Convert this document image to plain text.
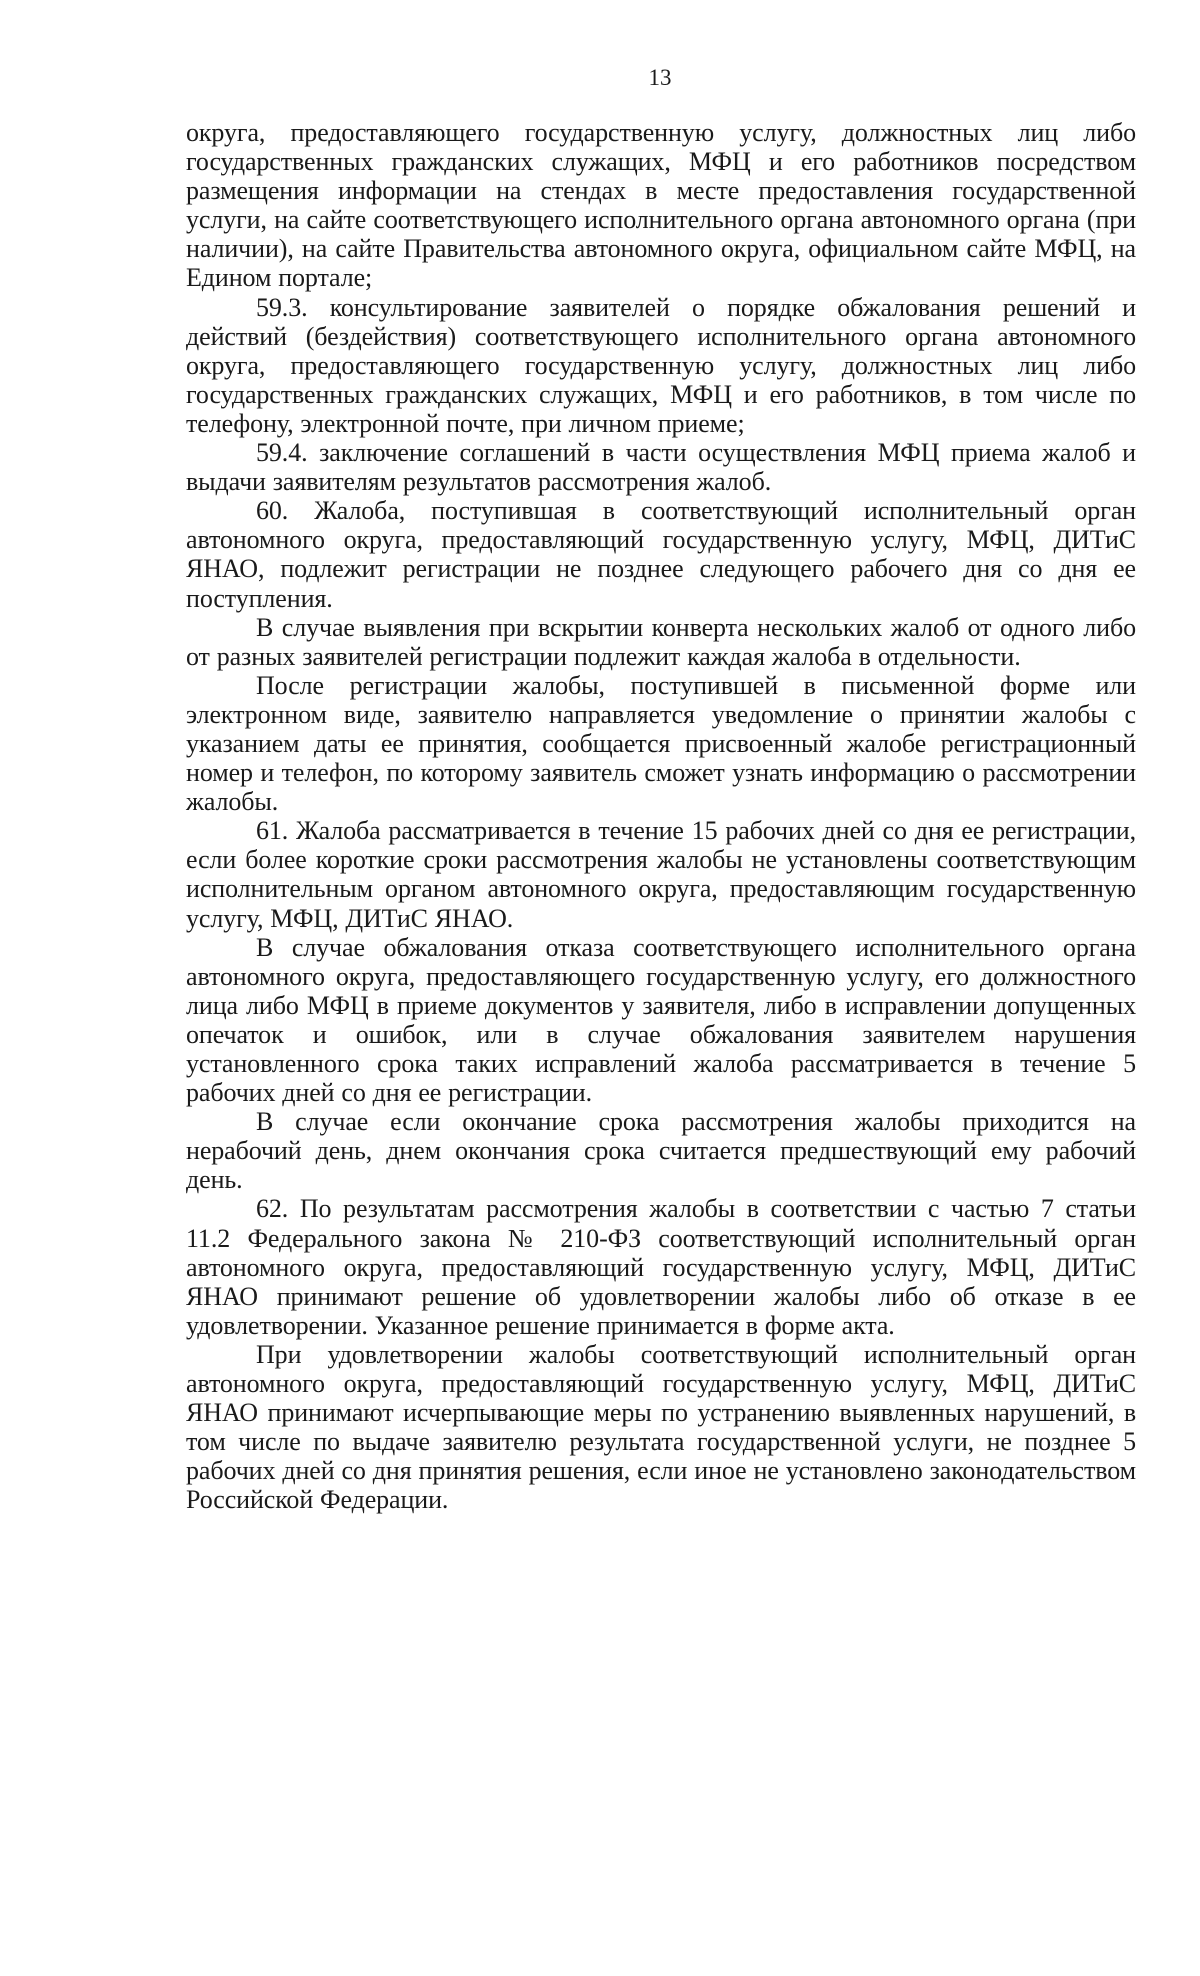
13

округа, предоставляющего государственную услугу, должностных лиц либо государственных гражданских служащих, МФЦ и его работников посредством размещения информации на стендах в месте предоставления государственной услуги, на сайте соответствующего исполнительного органа автономного органа (при наличии), на сайте Правительства автономного округа, официальном сайте МФЦ, на Едином портале;

59.3. консультирование заявителей о порядке обжалования решений и действий (бездействия) соответствующего исполнительного органа автономного округа, предоставляющего государственную услугу, должностных лиц либо государственных гражданских служащих, МФЦ и его работников, в том числе по телефону, электронной почте, при личном приеме;

59.4. заключение соглашений в части осуществления МФЦ приема жалоб и выдачи заявителям результатов рассмотрения жалоб.

60. Жалоба, поступившая в соответствующий исполнительный орган автономного округа, предоставляющий государственную услугу, МФЦ, ДИТиС ЯНАО, подлежит регистрации не позднее следующего рабочего дня со дня ее поступления.

В случае выявления при вскрытии конверта нескольких жалоб от одного либо от разных заявителей регистрации подлежит каждая жалоба в отдельности.

После регистрации жалобы, поступившей в письменной форме или электронном виде, заявителю направляется уведомление о принятии жалобы с указанием даты ее принятия, сообщается присвоенный жалобе регистрационный номер и телефон, по которому заявитель сможет узнать информацию о рассмотрении жалобы.

61. Жалоба рассматривается в течение 15 рабочих дней со дня ее регистрации, если более короткие сроки рассмотрения жалобы не установлены соответствующим исполнительным органом автономного округа, предоставляющим государственную услугу, МФЦ, ДИТиС ЯНАО.

В случае обжалования отказа соответствующего исполнительного органа автономного округа, предоставляющего государственную услугу, его должностного лица либо МФЦ в приеме документов у заявителя, либо в исправлении допущенных опечаток и ошибок, или в случае обжалования заявителем нарушения установленного срока таких исправлений жалоба рассматривается в течение 5 рабочих дней со дня ее регистрации.

В случае если окончание срока рассмотрения жалобы приходится на нерабочий день, днем окончания срока считается предшествующий ему рабочий день.

62. По результатам рассмотрения жалобы в соответствии с частью 7 статьи 11.2 Федерального закона № 210-ФЗ соответствующий исполнительный орган автономного округа, предоставляющий государственную услугу, МФЦ, ДИТиС ЯНАО принимают решение об удовлетворении жалобы либо об отказе в ее удовлетворении. Указанное решение принимается в форме акта.

При удовлетворении жалобы соответствующий исполнительный орган автономного округа, предоставляющий государственную услугу, МФЦ, ДИТиС ЯНАО принимают исчерпывающие меры по устранению выявленных нарушений, в том числе по выдаче заявителю результата государственной услуги, не позднее 5 рабочих дней со дня принятия решения, если иное не установлено законодательством Российской Федерации.
